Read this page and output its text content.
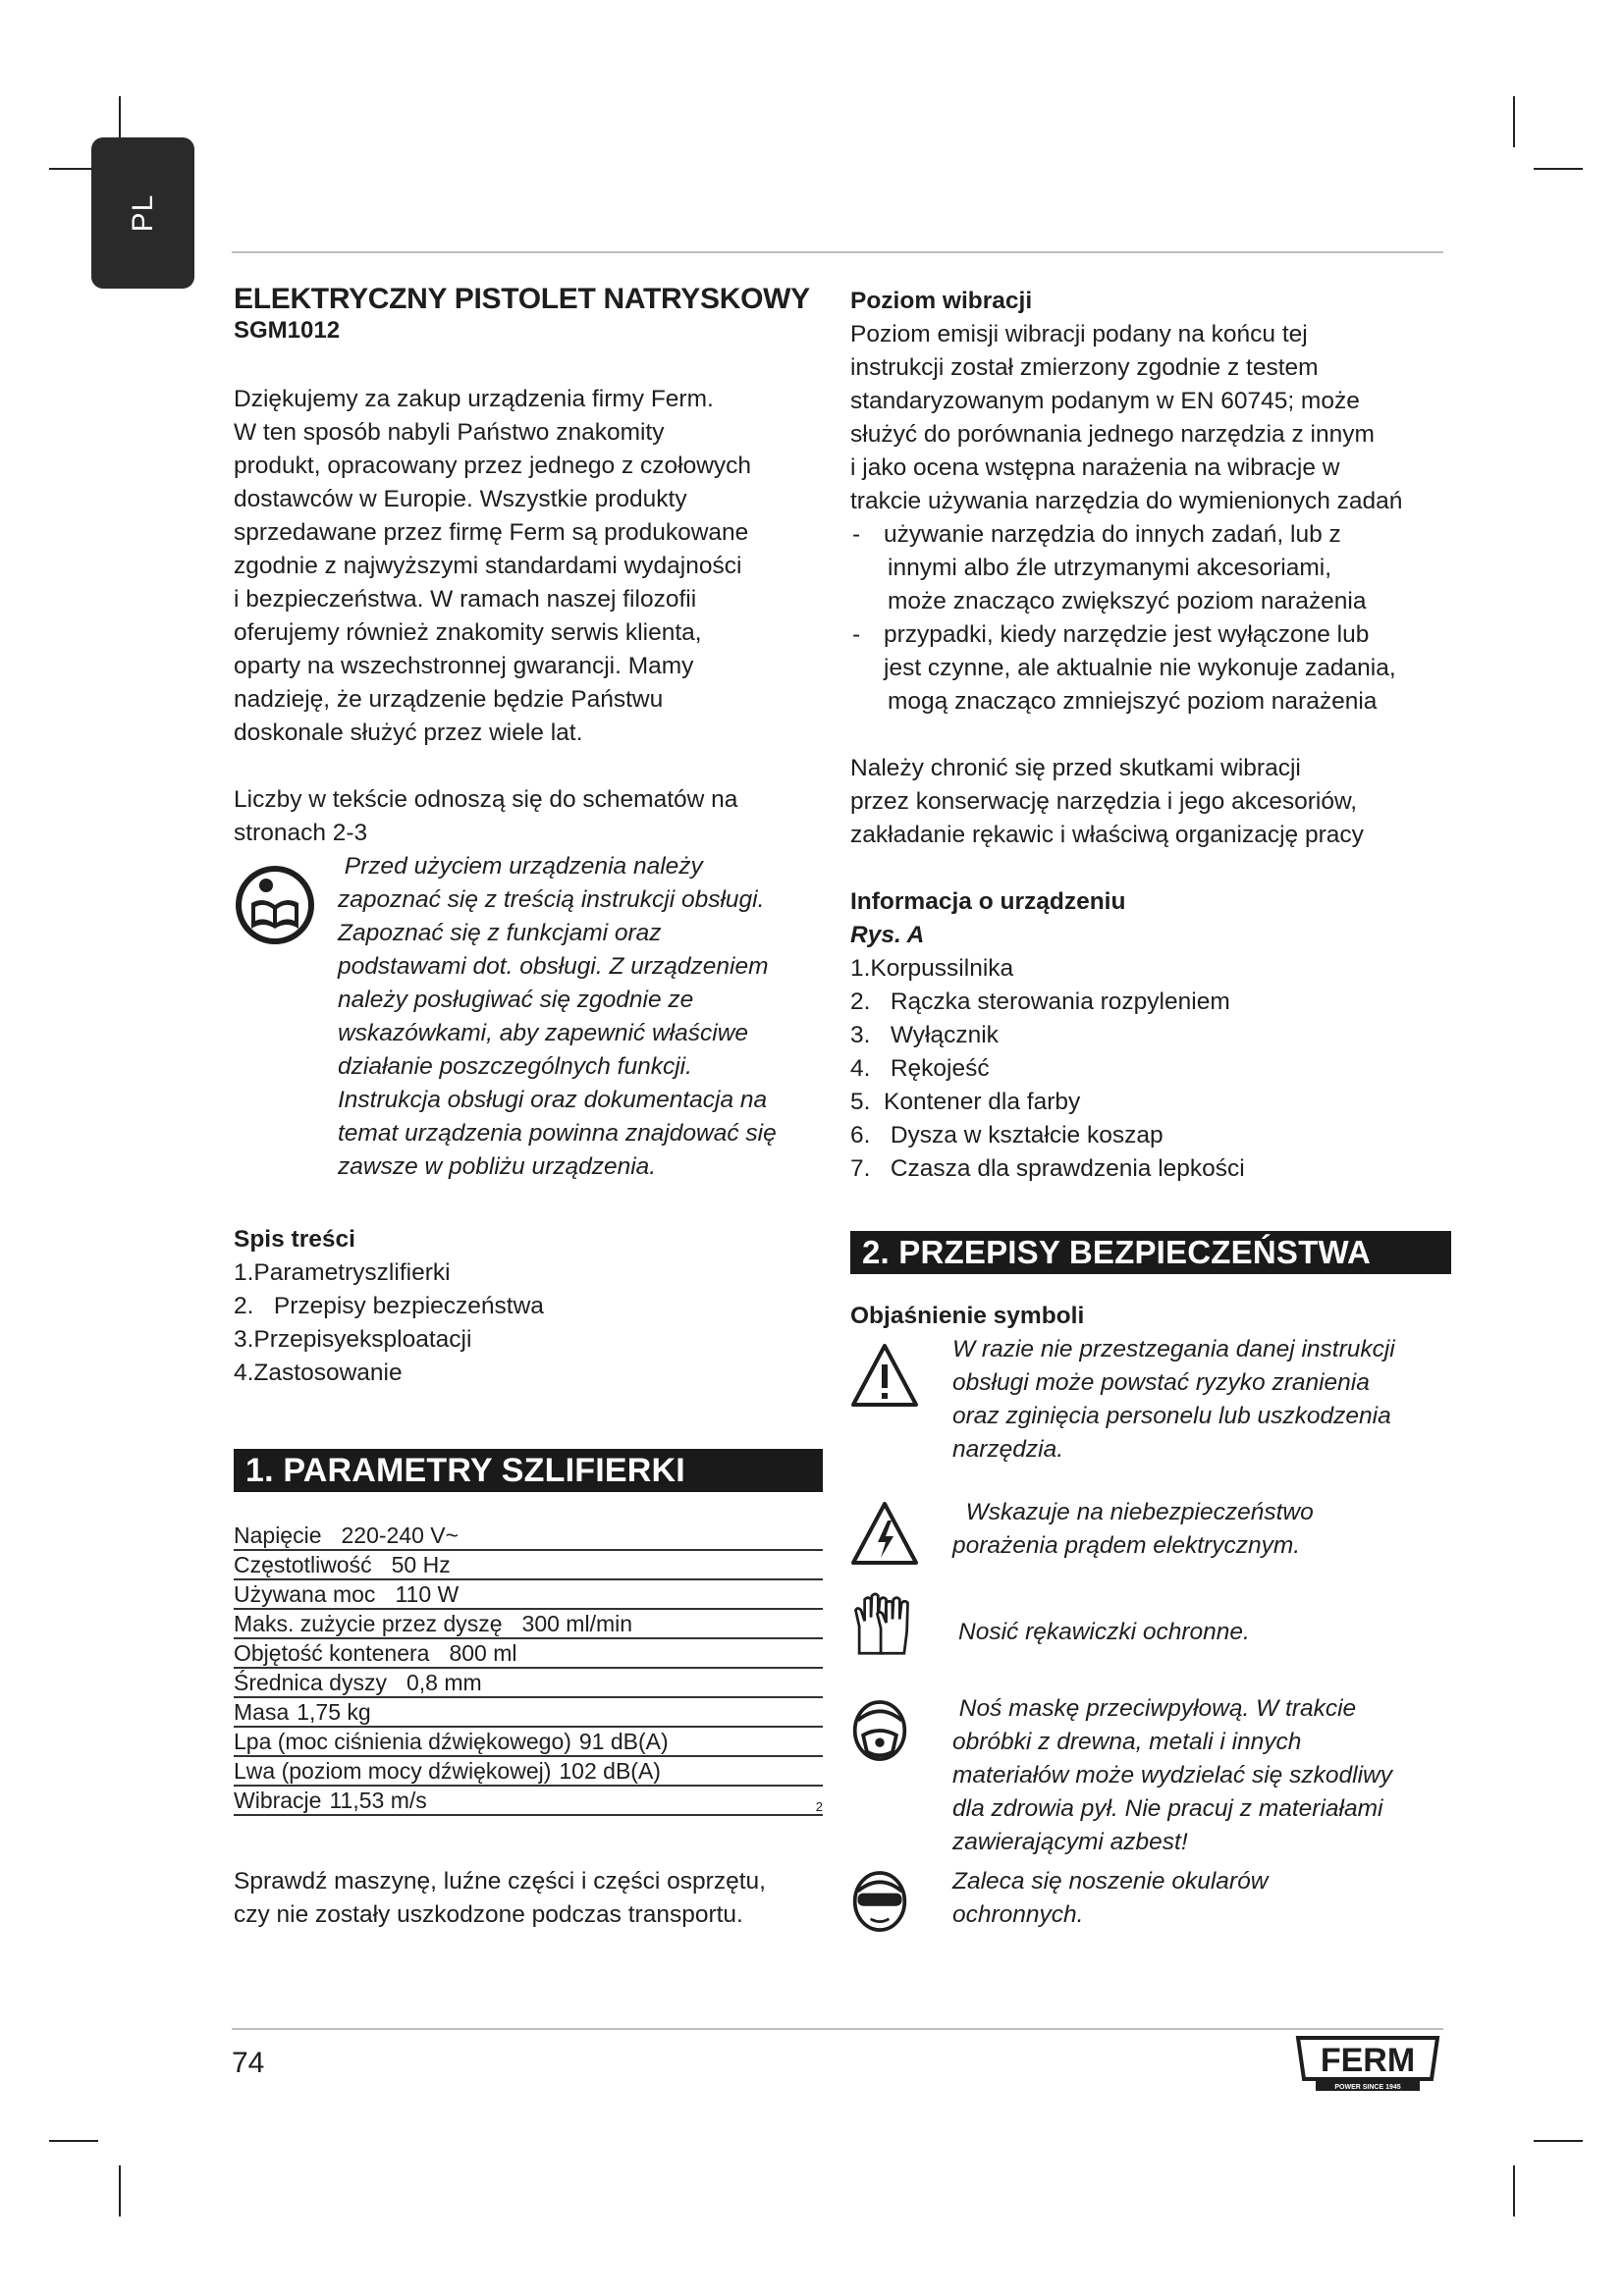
PL
ELEKTRYCZNY PISTOLET NATRYSKOWY
SGM1012

Dziękujemy za zakup urządzenia firmy Ferm.

W ten sposób nabyli Państwo znakomity

produkt, opracowany przez jednego z czołowych

dostawców w Europie. Wszystkie produkty

sprzedawane przez firmę Ferm są produkowane

zgodnie z najwyższymi standardami wydajności

i bezpieczeństwa. W ramach naszej filozofii

oferujemy również znakomity serwis klienta,

oparty na wszechstronnej gwarancji. Mamy

nadzieję, że urządzenie będzie Państwu

doskonale służyć przez wiele lat.

Liczby w tekście odnoszą się do schematów na

stronach 2-3

Przed użyciem urządzenia należy

zapoznać się z treścią instrukcji obsługi.

Zapoznać się z funkcjami oraz

podstawami dot. obsługi. Z urządzeniem

należy posługiwać się zgodnie ze

wskazówkami, aby zapewnić właściwe

działanie poszczególnych funkcji.

Instrukcja obsługi oraz dokumentacja na

temat urządzenia powinna znajdować się

zawsze w pobliżu urządzenia.

Spis treści

1.Parametryszlifierki

2.   Przepisy bezpieczeństwa

3.Przepisyeksploatacji

4.Zastosowanie

1. PARAMETRY SZLIFIERKI
Napięcie 220-240 V~
Częstotliwość 50 Hz
Używana moc 110 W
Maks. zużycie przez dyszę 300 ml/min
Objętość kontenera 800 ml
Średnica dyszy 0,8 mm
Masa 1,75 kg
Lpa (moc ciśnienia dźwiękowego) 91 dB(A)
Lwa (poziom mocy dźwiękowej) 102 dB(A)
Wibracje 11,53 m/s	2

Sprawdź maszynę, luźne części i części osprzętu,

czy nie zostały uszkodzone podczas transportu.

Poziom wibracji

Poziom emisji wibracji podany na końcu tej

instrukcji został zmierzony zgodnie z testem

standaryzowanym podanym w EN 60745; może

służyć do porównania jednego narzędzia z innym

i jako ocena wstępna narażenia na wibracje w

trakcie używania narzędzia do wymienionych zadań

- używanie narzędzia do innych zadań, lub z

innymi albo źle utrzymanymi akcesoriami,

może znacząco zwiększyć poziom narażenia

- przypadki, kiedy narzędzie jest wyłączone lub

jest czynne, ale aktualnie nie wykonuje zadania,

mogą znacząco zmniejszyć poziom narażenia

Należy chronić się przed skutkami wibracji

przez konserwację narzędzia i jego akcesoriów,

zakładanie rękawic i właściwą organizację pracy

Informacja o urządzeniu
Rys. A

1.Korpussilnika

2.   Rączka sterowania rozpyleniem

3.   Wyłącznik

4.   Rękojeść

5.  Kontener dla farby

6.   Dysza w kształcie koszap

7.   Czasza dla sprawdzenia lepkości

2. PRZEPISY BEZPIECZEŃSTWA
Objaśnienie symboli

W razie nie przestzegania danej instrukcji

obsługi może powstać ryzyko zranienia

oraz zginięcia personelu lub uszkodzenia

narzędzia.

Wskazuje na niebezpieczeństwo

porażenia prądem elektrycznym.

Nosić rękawiczki ochronne.

Noś maskę przeciwpyłową. W trakcie

obróbki z drewna, metali i innych

materiałów może wydzielać się szkodliwy

dla zdrowia pył. Nie pracuj z materiałami

zawierającymi azbest!

Zaleca się noszenie okularów

ochronnych.

74	FERM
POWER SINCE 1945
